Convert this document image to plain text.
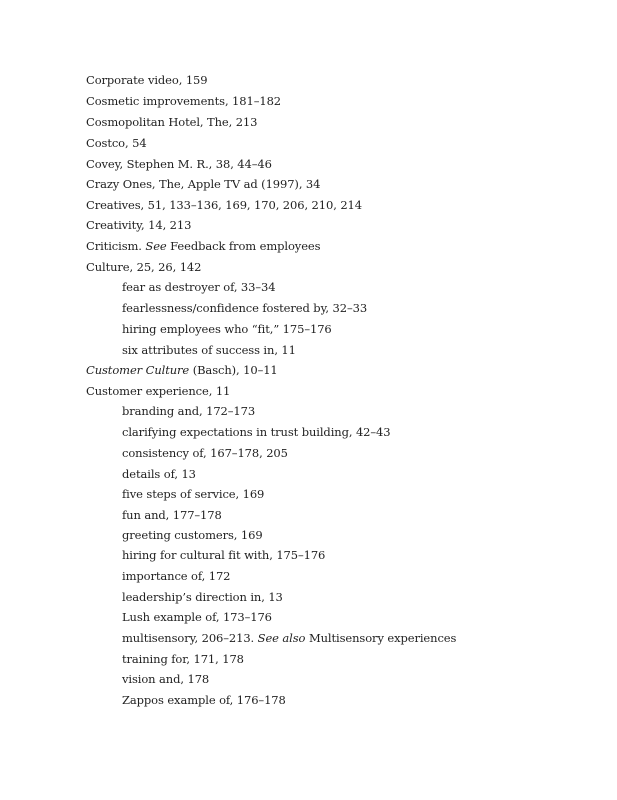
Corporate video, 159
Cosmetic improvements, 181–182
Cosmopolitan Hotel, The, 213
Costco, 54
Covey, Stephen M. R., 38, 44–46
Crazy Ones, The, Apple TV ad (1997), 34
Creatives, 51, 133–136, 169, 170, 206, 210, 214
Creativity, 14, 213
Criticism. See Feedback from employees
Culture, 25, 26, 142
fear as destroyer of, 33–34
fearlessness/confidence fostered by, 32–33
hiring employees who “fit,” 175–176
six attributes of success in, 11
Customer Culture (Basch), 10–11
Customer experience, 11
branding and, 172–173
clarifying expectations in trust building, 42–43
consistency of, 167–178, 205
details of, 13
five steps of service, 169
fun and, 177–178
greeting customers, 169
hiring for cultural fit with, 175–176
importance of, 172
leadership’s direction in, 13
Lush example of, 173–176
multisensory, 206–213. See also Multisensory experiences
training for, 171, 178
vision and, 178
Zappos example of, 176–178
